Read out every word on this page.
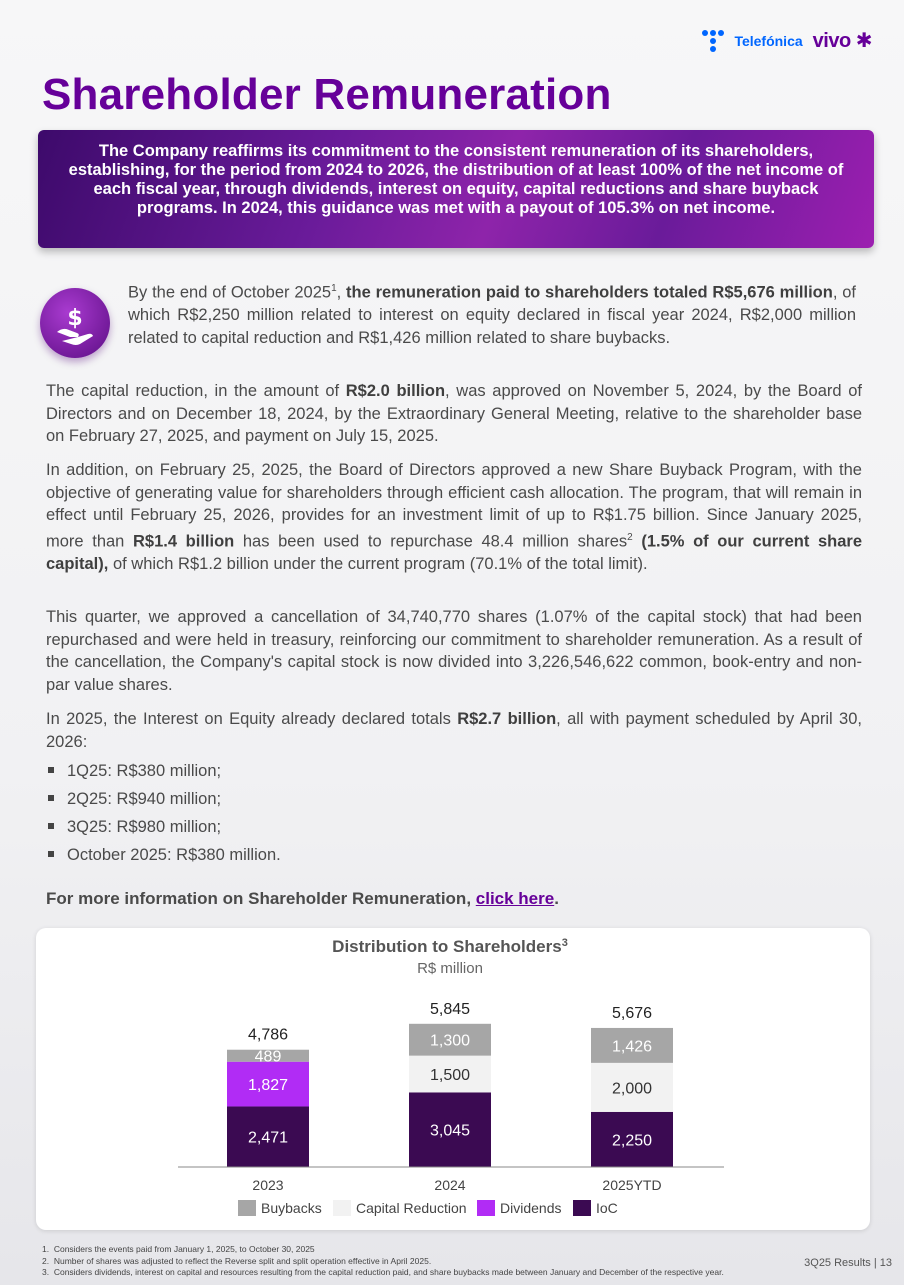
Telefónica vivo ✱
Shareholder Remuneration
The Company reaffirms its commitment to the consistent remuneration of its shareholders, establishing, for the period from 2024 to 2026, the distribution of at least 100% of the net income of each fiscal year, through dividends, interest on equity, capital reductions and share buyback programs. In 2024, this guidance was met with a payout of 105.3% on net income.
$
By the end of October 2025$^1$, the remuneration paid to shareholders totaled R$5,676 million, of which R$2,250 million related to interest on equity declared in fiscal year 2024, R$2,000 million related to capital reduction and R$1,426 million related to share buybacks.
The capital reduction, in the amount of R$2.0 billion, was approved on November 5, 2024, by the Board of Directors and on December 18, 2024, by the Extraordinary General Meeting, relative to the shareholder base on February 27, 2025, and payment on July 15, 2025.
In addition, on February 25, 2025, the Board of Directors approved a new Share Buyback Program, with the objective of generating value for shareholders through efficient cash allocation. The program, that will remain in effect until February 25, 2026, provides for an investment limit of up to R$1.75 billion. Since January 2025, more than R$1.4 billion has been used to repurchase 48.4 million shares$^2$ (1.5% of our current share capital), of which R$1.2 billion under the current program (70.1% of the total limit).
This quarter, we approved a cancellation of 34,740,770 shares (1.07% of the capital stock) that had been repurchased and were held in treasury, reinforcing our commitment to shareholder remuneration. As a result of the cancellation, the Company's capital stock is now divided into 3,226,546,622 common, book-entry and non-par value shares.
In 2025, the Interest on Equity already declared totals R$2.7 billion, all with payment scheduled by April 30, 2026:
1Q25: R$380 million;
2Q25: R$940 million;
3Q25: R$980 million;
October 2025: R$380 million.
For more information on Shareholder Remuneration, click here.
Distribution to Shareholders$^3$
R$ million
2,471
1,827
489
4,786
2023
3,045
1,500
1,300
5,845
2024
2,250
2,000
1,426
5,676
2025YTD
Buybacks Capital Reduction Dividends IoC
1. Considers the events paid from January 1, 2025, to October 30, 2025
2. Number of shares was adjusted to reflect the Reverse split and split operation effective in April 2025.
3. Considers dividends, interest on capital and resources resulting from the capital reduction paid, and share buybacks made between January and December of the respective year.
3Q25 Results | 13
